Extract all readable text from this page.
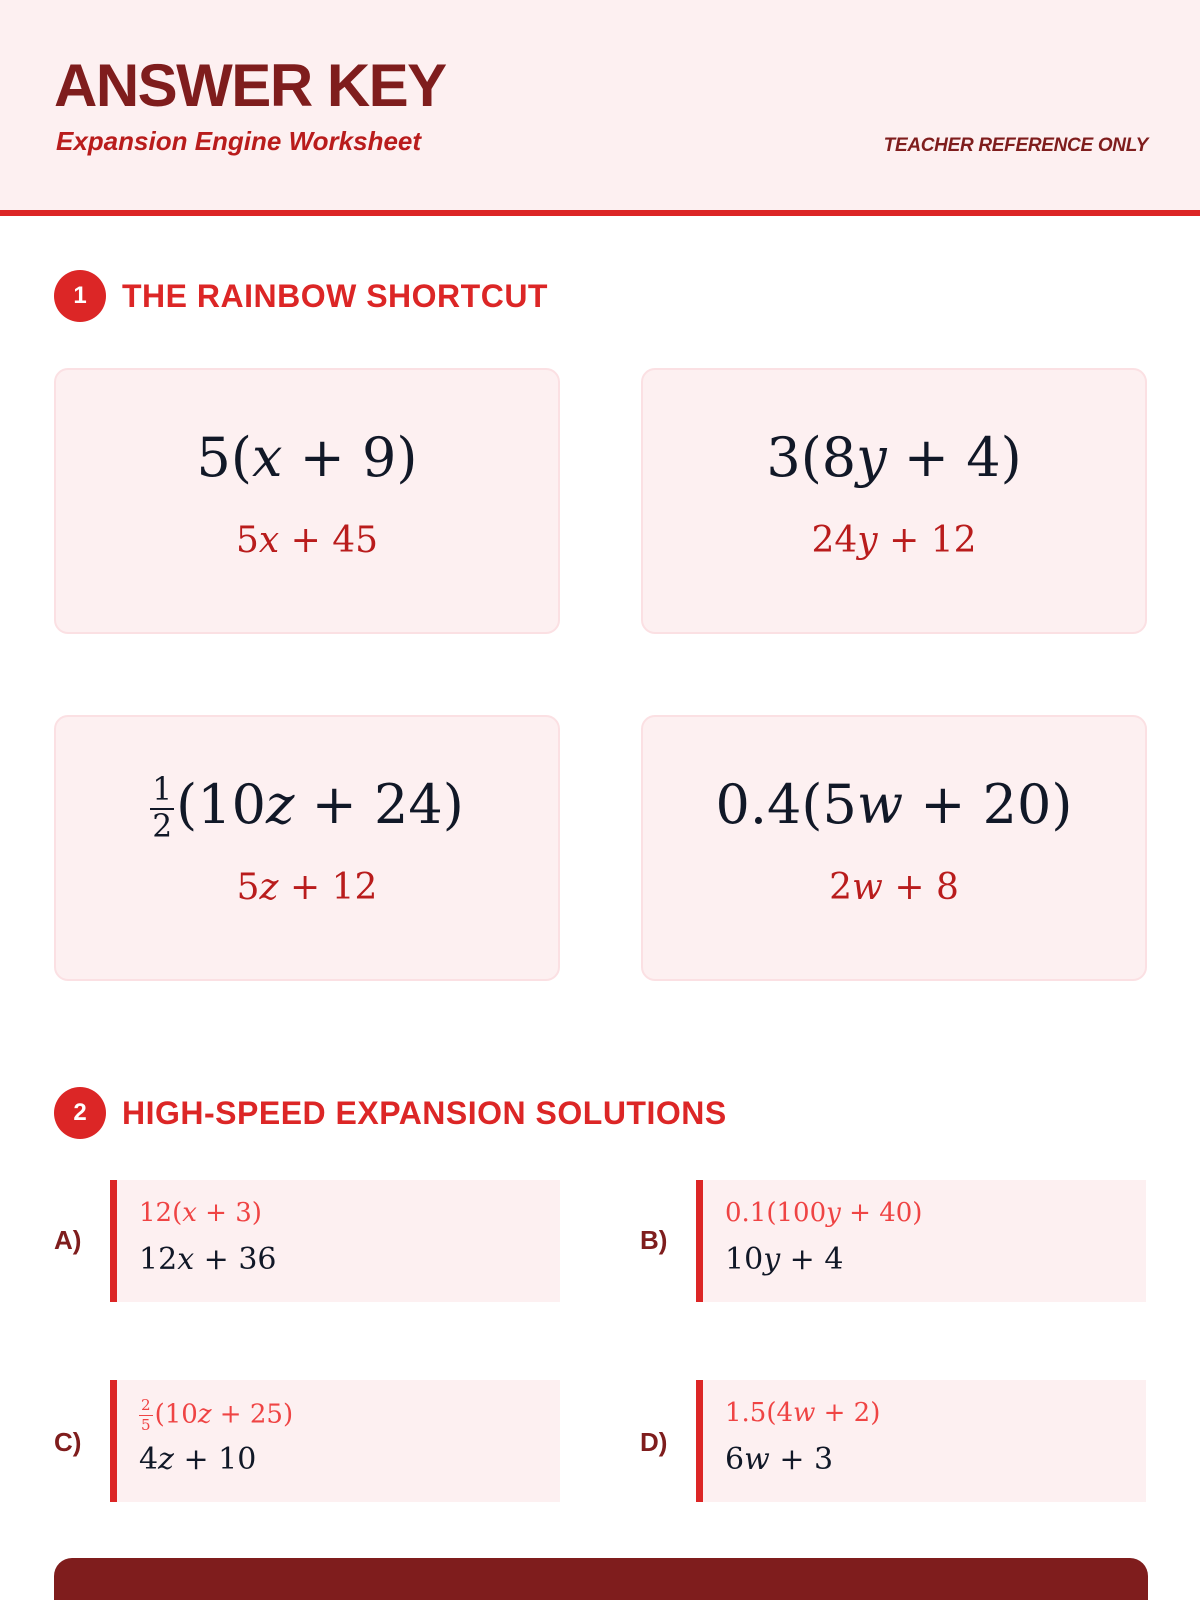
ANSWER KEY
Expansion Engine Worksheet	TEACHER REFERENCE ONLY
1	THE RAINBOW SHORTCUT
5(x + 9)
5x + 45
3(8y + 4)
24y + 12
$\frac{1}{2} (10z + 24)$
5z + 12
0.4(5w + 20)
2w + 8
2	HIGH-SPEED EXPANSION SOLUTIONS
A)
12(x + 3)
12x + 36
B)
0.1(100y + 40)
10y + 4
C)
$\frac{2}{5} (10z + 25)$
4z + 10	D)
1.5(4w + 2)
6w + 3
